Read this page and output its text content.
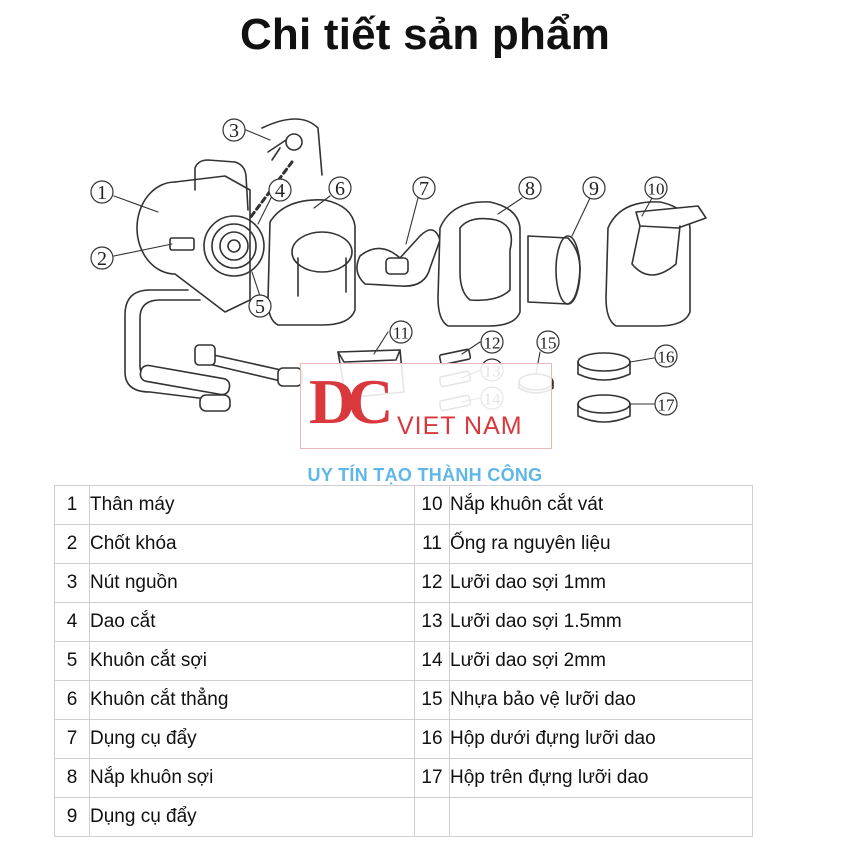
Chi tiết sản phẩm
1
2
3
4
5
6	7	8	9	10
11
12 15
16
17
DC VIET NAM
UY TÍN TẠO THÀNH CÔNG
1	Thân máy	10	Nắp khuôn cắt vát
2	Chốt khóa	11	Ống ra nguyên liệu
3	Nút nguồn	12	Lưỡi dao sợi 1mm
4	Dao cắt	13	Lưỡi dao sợi 1.5mm
5	Khuôn cắt sợi	14	Lưỡi dao sợi 2mm
6	Khuôn cắt thẳng	15	Nhựa bảo vệ lưỡi dao
7	Dụng cụ đẩy	16	Hộp dưới đựng lưỡi dao
8	Nắp khuôn sợi	17	Hộp trên đựng lưỡi dao
9	Dụng cụ đẩy		
